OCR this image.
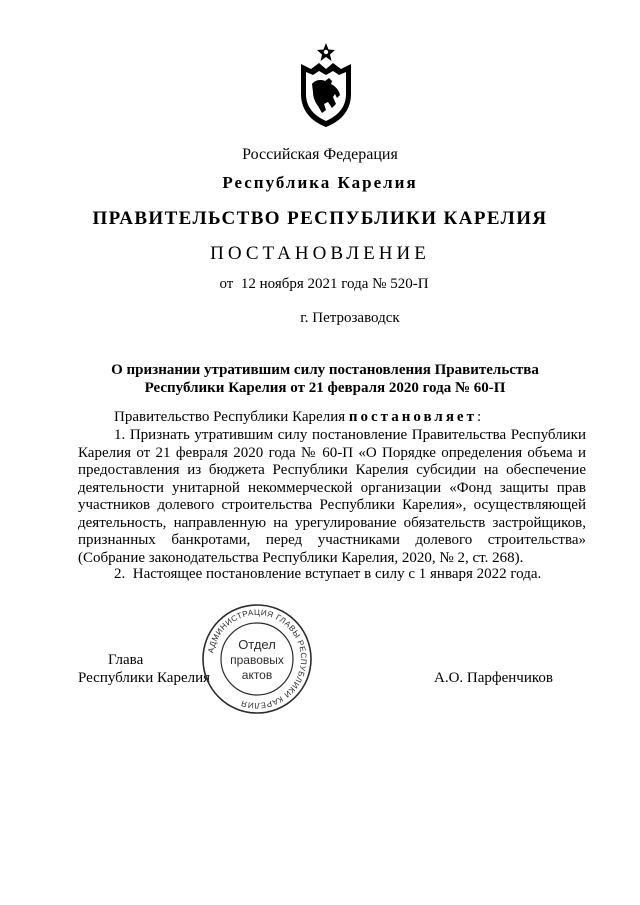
Российская Федерация
Республика Карелия
ПРАВИТЕЛЬСТВО РЕСПУБЛИКИ КАРЕЛИЯ
ПОСТАНОВЛЕНИЕ
от  12 ноября 2021 года № 520-П
г. Петрозаводск
О признании утратившим силу постановления Правительства
Республики Карелия от 21 февраля 2020 года № 60-П
Правительство Республики Карелия постановляет:
1. Признать утратившим силу постановление Правительства Республики Карелия от 21 февраля 2020 года № 60-П «О Порядке определения объема и предоставления из бюджета Республики Карелия субсидии на обеспечение деятельности унитарной некоммерческой организации «Фонд защиты прав участников долевого строительства Республики Карелия», осуществляющей деятельность, направленную на урегулирование обязательств застройщиков, признанных банкротами, перед участниками долевого строительства» (Собрание законодательства Республики Карелия, 2020, № 2, ст. 268).
2.  Настоящее постановление вступает в силу с 1 января 2022 года.
Глава
Республики Карелия	А.О. Парфенчиков
АДМИНИСТРАЦИЯ ГЛАВЫ РЕСПУБЛИКИ КАРЕЛИЯ
Отдел
правовых
актов
